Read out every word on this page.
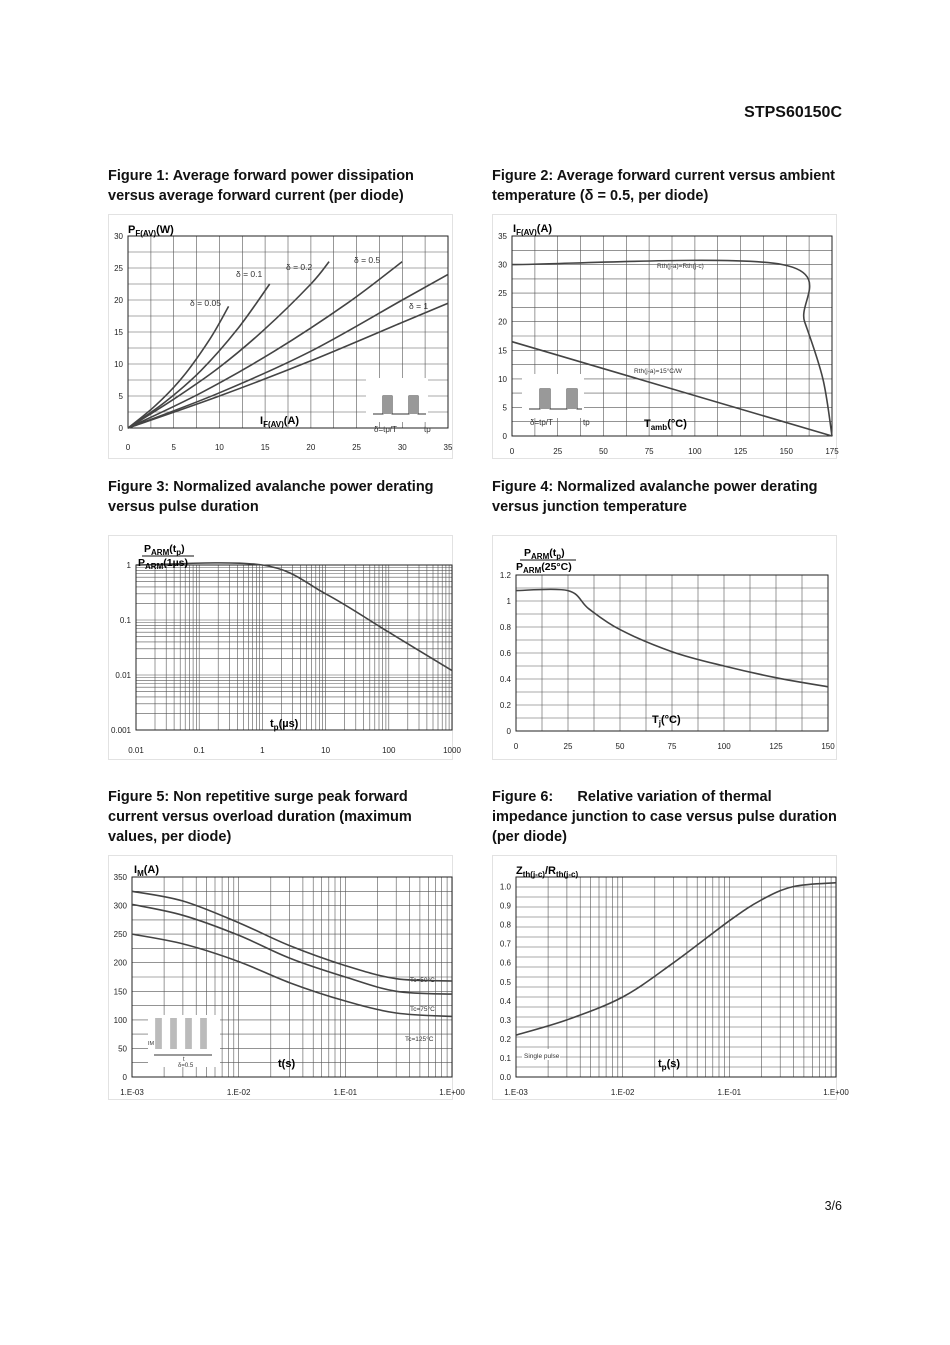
STPS60150C
Figure 1: Average forward power dissipation versus average forward current (per diode)
0	5	10	15	20	25	30	35
0
5
10
15
20
25
30
$P_{F(AV)}(W)$
$I_{F(AV)}(A)$
δ = 0.05
δ = 0.1
δ = 0.2
δ = 0.5
δ = 1
δ=tp/T	tp
Figure 2: Average forward current versus ambient temperature (δ = 0.5, per diode)
0	25	50	75	100	125	150	175
0
5
10
15
20
25
30
35
$I_{F(AV)}(A)$
$T_{amb}(^\circ C)$
Rth(j-a)=Rth(j-c)
Rth(j-a)=15°C/W
δ=tp/T	tp
Figure 3: Normalized avalanche power derating versus pulse duration
0.01	0.1	1	10	100	1000
0.001
0.01
0.1
1
$P_{ARM}(t_p)$
$P_{ARM}(1\mu s)$
$t_p(\mu s)$
Figure 4: Normalized avalanche power derating versus junction temperature
0	25	50	75	100	125	150
0
0.2
0.4
0.6
0.8
1
1.2
$P_{ARM}(t_p)$
$P_{ARM}(25^\circ C)$
$T_j(^\circ C)$
Figure 5: Non repetitive surge peak forward current versus overload duration (maximum values, per diode)
1.E-03	1.E-02	1.E-01	1.E+00
0
50
100
150
200
250
300
350
$I_M(A)$
t(s)
Tc=50°C
Tc=75°C
Tc=125°C
IM
t
δ=0.5
Figure 6: Relative variation of thermal impedance junction to case versus pulse duration (per diode)
1.E-03	1.E-02	1.E-01	1.E+00
0.0
0.1
0.2
0.3
0.4
0.5
0.6
0.7
0.8
0.9
1.0
$Z_{th(j-c)}/R_{th(j-c)}$
$t_p(s)$
Single pulse
3/6
